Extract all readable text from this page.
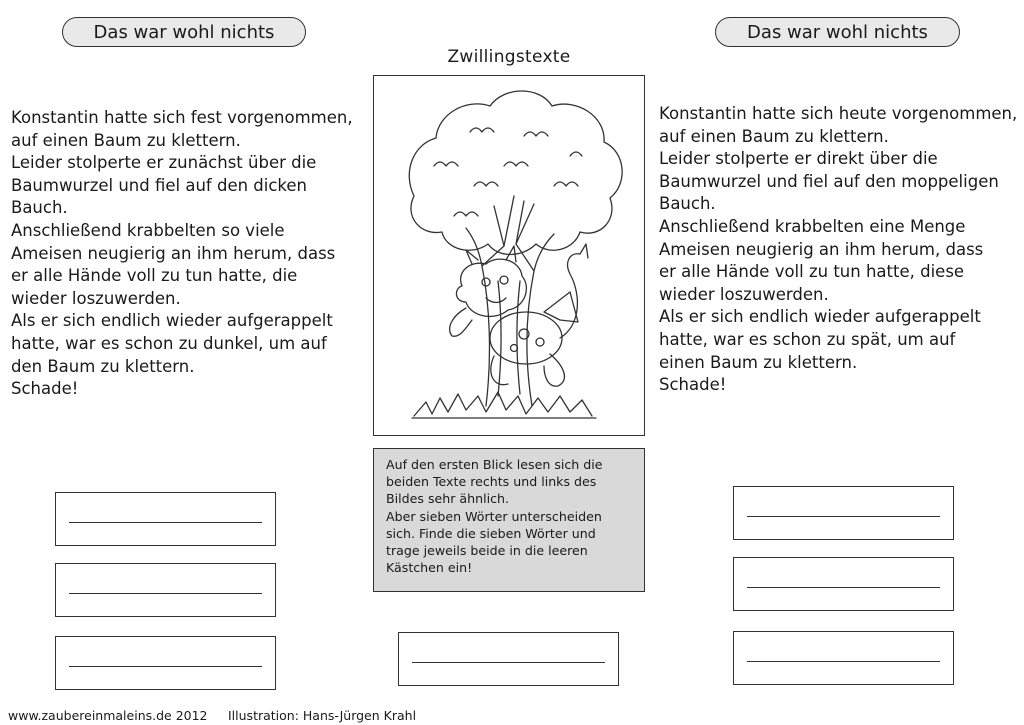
Das war wohl nichts	Das war wohl nichts
Zwillingstexte
Konstantin hatte sich fest vorgenommen,
auf einen Baum zu klettern.
Leider stolperte er zunächst über die
Baumwurzel und fiel auf den dicken
Bauch.
Anschließend krabbelten so viele
Ameisen neugierig an ihm herum, dass
er alle Hände voll zu tun hatte, die
wieder loszuwerden.
Als er sich endlich wieder aufgerappelt
hatte, war es schon zu dunkel, um auf
den Baum zu klettern.
Schade!
Konstantin hatte sich heute vorgenommen,
auf einen Baum zu klettern.
Leider stolperte er direkt über die
Baumwurzel und fiel auf den moppeligen
Bauch.
Anschließend krabbelten eine Menge
Ameisen neugierig an ihm herum, dass
er alle Hände voll zu tun hatte, diese
wieder loszuwerden.
Als er sich endlich wieder aufgerappelt
hatte, war es schon zu spät, um auf
einen Baum zu klettern.
Schade!
Auf den ersten Blick lesen sich die
beiden Texte rechts und links des
Bildes sehr ähnlich.
Aber sieben Wörter unterscheiden
sich. Finde die sieben Wörter und
trage jeweils beide in die leeren
Kästchen ein!
www.zaubereinmaleins.de 2012 Illustration: Hans-Jürgen Krahl
